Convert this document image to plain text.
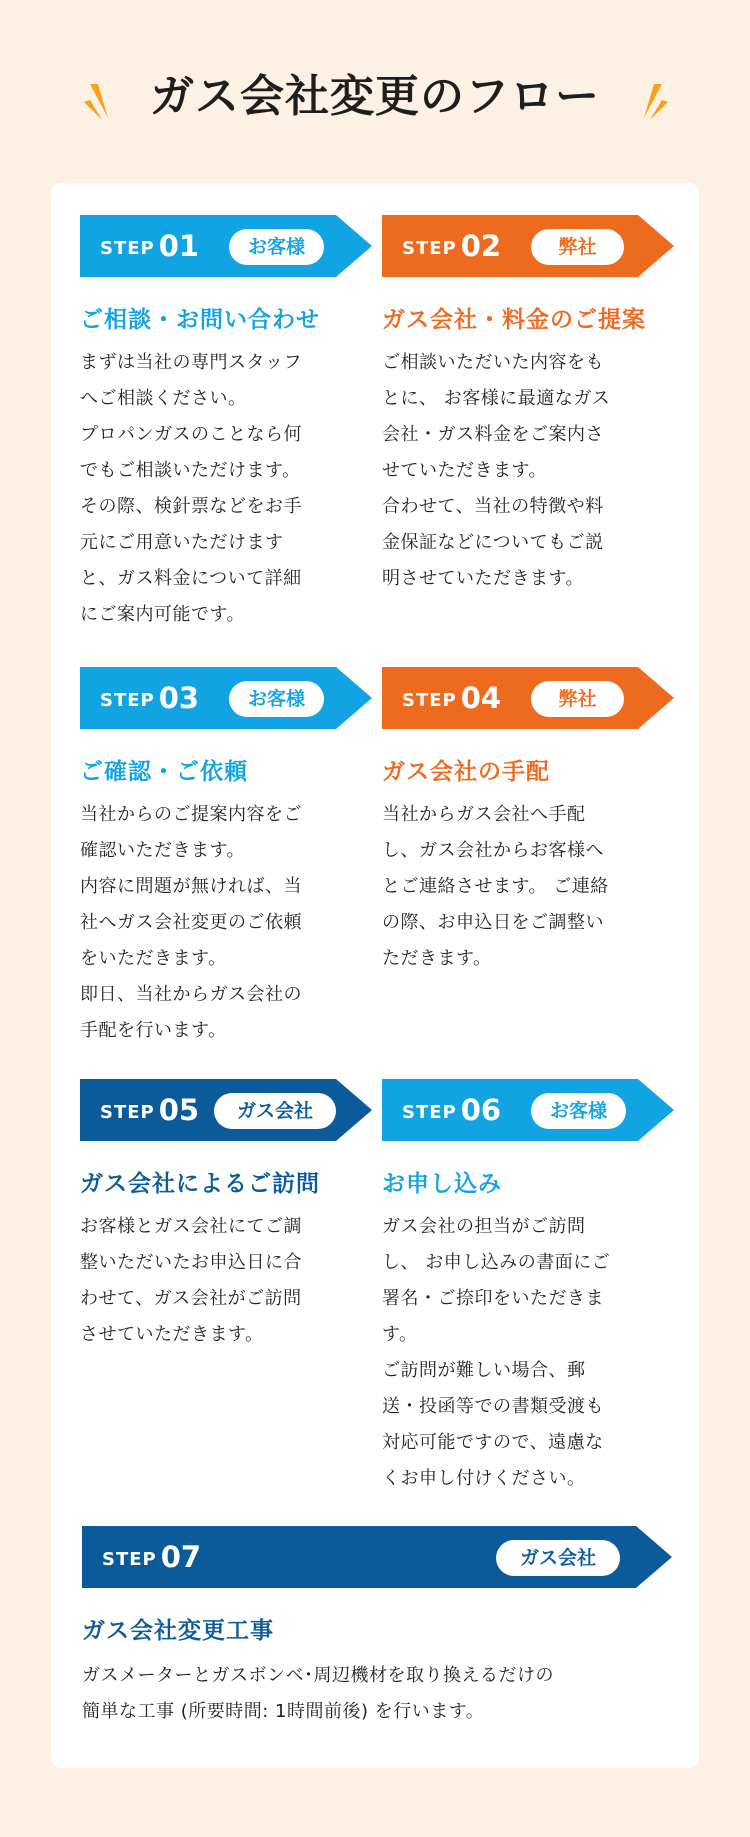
ガス会社変更のフロー
STEP 01	お客様
ご相談・お問い合わせ
まずは当社の専門スタッフ
へご相談ください。
プロパンガスのことなら何
でもご相談いただけます。
その際、検針票などをお手
元にご用意いただけます
と、ガス料金について詳細
にご案内可能です。
STEP 02	弊社
ガス会社・料金のご提案
ご相談いただいた内容をも
とに、 お客様に最適なガス
会社・ガス料金をご案内さ
せていただきます。
合わせて、当社の特徴や料
金保証などについてもご説
明させていただきます。
STEP 03	お客様
ご確認・ご依頼
当社からのご提案内容をご
確認いただきます。
内容に問題が無ければ、当
社へガス会社変更のご依頼
をいただきます。
即日、当社からガス会社の
手配を行います。
STEP 04	弊社
ガス会社の手配
当社からガス会社へ手配
し、ガス会社からお客様へ
とご連絡させます。 ご連絡
の際、お申込日をご調整い
ただきます。
STEP 05	ガス会社
ガス会社によるご訪問
お客様とガス会社にてご調
整いただいたお申込日に合
わせて、ガス会社がご訪問
させていただきます。
STEP 06	お客様
お申し込み
ガス会社の担当がご訪問
し、 お申し込みの書面にご
署名・ご捺印をいただきま
す。
ご訪問が難しい場合、郵
送・投函等での書類受渡も
対応可能ですので、遠慮な
くお申し付けください。
STEP 07	ガス会社
ガス会社変更工事
ガスメーターとガスボンベ･周辺機材を取り換えるだけの
簡単な工事 (所要時間: 1時間前後) を行います。
